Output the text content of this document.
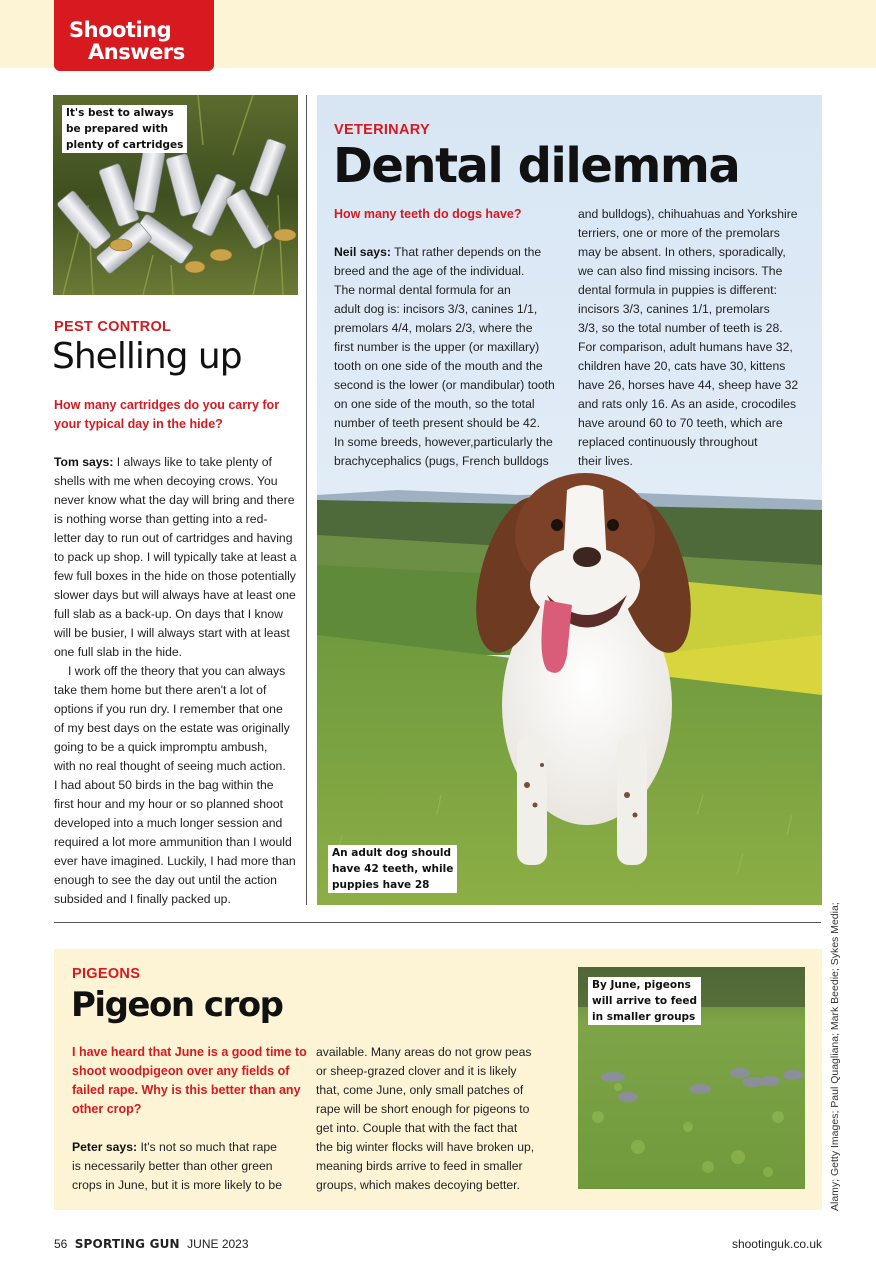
Shooting
Answers
It's best to always
be prepared with
plenty of cartridges
PEST CONTROL
Shelling up
How many cartridges do you carry for
your typical day in the hide?
Tom says: I always like to take plenty of
shells with me when decoying crows. You
never know what the day will bring and there
is nothing worse than getting into a red-
letter day to run out of cartridges and having
to pack up shop. I will typically take at least a
few full boxes in the hide on those potentially
slower days but will always have at least one
full slab as a back-up. On days that I know
will be busier, I will always start with at least
one full slab in the hide.
I work off the theory that you can always
take them home but there aren't a lot of
options if you run dry. I remember that one
of my best days on the estate was originally
going to be a quick impromptu ambush,
with no real thought of seeing much action.
I had about 50 birds in the bag within the
first hour and my hour or so planned shoot
developed into a much longer session and
required a lot more ammunition than I would
ever have imagined. Luckily, I had more than
enough to see the day out until the action
subsided and I finally packed up.
VETERINARY
Dental dilemma
How many teeth do dogs have?
Neil says: That rather depends on the
breed and the age of the individual.
The normal dental formula for an
adult dog is: incisors 3/3, canines 1/1,
premolars 4/4, molars 2/3, where the
first number is the upper (or maxillary)
tooth on one side of the mouth and the
second is the lower (or mandibular) tooth
on one side of the mouth, so the total
number of teeth present should be 42.
In some breeds, however,particularly the
brachycephalics (pugs, French bulldogs
and bulldogs), chihuahuas and Yorkshire
terriers, one or more of the premolars
may be absent. In others, sporadically,
we can also find missing incisors. The
dental formula in puppies is different:
incisors 3/3, canines 1/1, premolars
3/3, so the total number of teeth is 28.
For comparison, adult humans have 32,
children have 20, cats have 30, kittens
have 26, horses have 44, sheep have 32
and rats only 16. As an aside, crocodiles
have around 60 to 70 teeth, which are
replaced continuously throughout
their lives.
An adult dog should
have 42 teeth, while
puppies have 28
PIGEONS
Pigeon crop
I have heard that June is a good time to
shoot woodpigeon over any fields of
failed rape. Why is this better than any
other crop?
Peter says: It's not so much that rape
is necessarily better than other green
crops in June, but it is more likely to be
available. Many areas do not grow peas
or sheep-grazed clover and it is likely
that, come June, only small patches of
rape will be short enough for pigeons to
get into. Couple that with the fact that
the big winter flocks will have broken up,
meaning birds arrive to feed in smaller
groups, which makes decoying better.
By June, pigeons
will arrive to feed
in smaller groups	Alamy; Getty Images; Paul Quagliana; Mark Beedie; Sykes Media;
56 SPORTING GUN JUNE 2023	shootinguk.co.uk
